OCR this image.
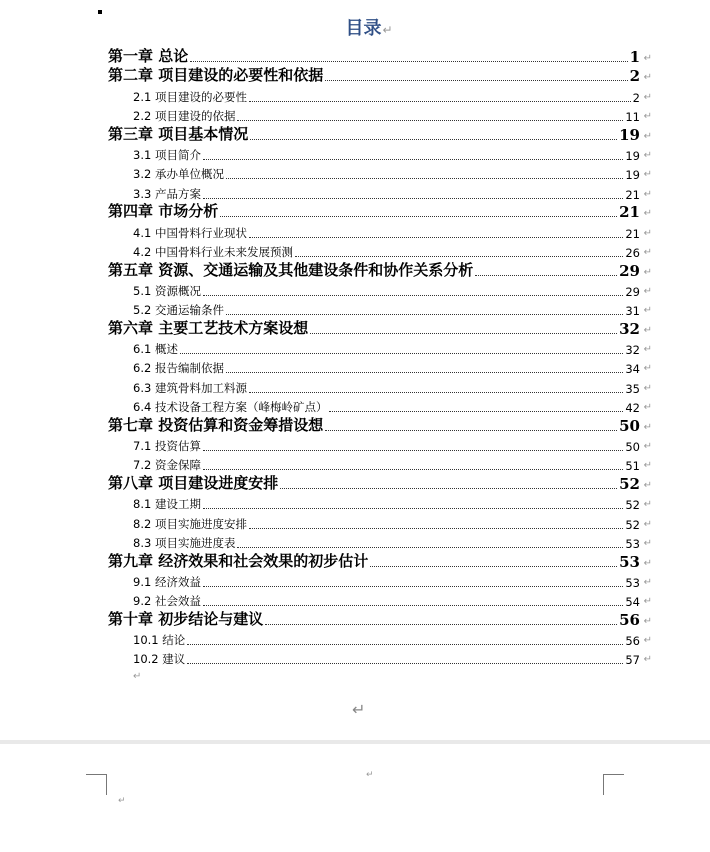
目录↵
第一章 总论	1 ↵
第二章 项目建设的必要性和依据	2 ↵
2.1 项目建设的必要性	2 ↵
2.2 项目建设的依据	11 ↵
第三章 项目基本情况	19 ↵
3.1 项目简介	19 ↵
3.2 承办单位概况	19 ↵
3.3 产品方案	21 ↵
第四章 市场分析	21 ↵
4.1 中国骨料行业现状	21 ↵
4.2 中国骨料行业未来发展预测	26 ↵
第五章 资源、交通运输及其他建设条件和协作关系分析	29 ↵
5.1 资源概况	29 ↵
5.2 交通运输条件	31 ↵
第六章 主要工艺技术方案设想	32 ↵
6.1 概述	32 ↵
6.2 报告编制依据	34 ↵
6.3 建筑骨料加工料源	35 ↵
6.4 技术设备工程方案（峰梅岭矿点）	42 ↵
第七章 投资估算和资金筹措设想	50 ↵
7.1 投资估算	50 ↵
7.2 资金保障	51 ↵
第八章 项目建设进度安排	52 ↵
8.1 建设工期	52 ↵
8.2 项目实施进度安排	52 ↵
8.3 项目实施进度表	53 ↵
第九章 经济效果和社会效果的初步估计	53 ↵
9.1 经济效益	53 ↵
9.2 社会效益	54 ↵
第十章 初步结论与建议	56 ↵
10.1 结论	56 ↵
10.2 建议	57 ↵
↵
↵
↵
↵
